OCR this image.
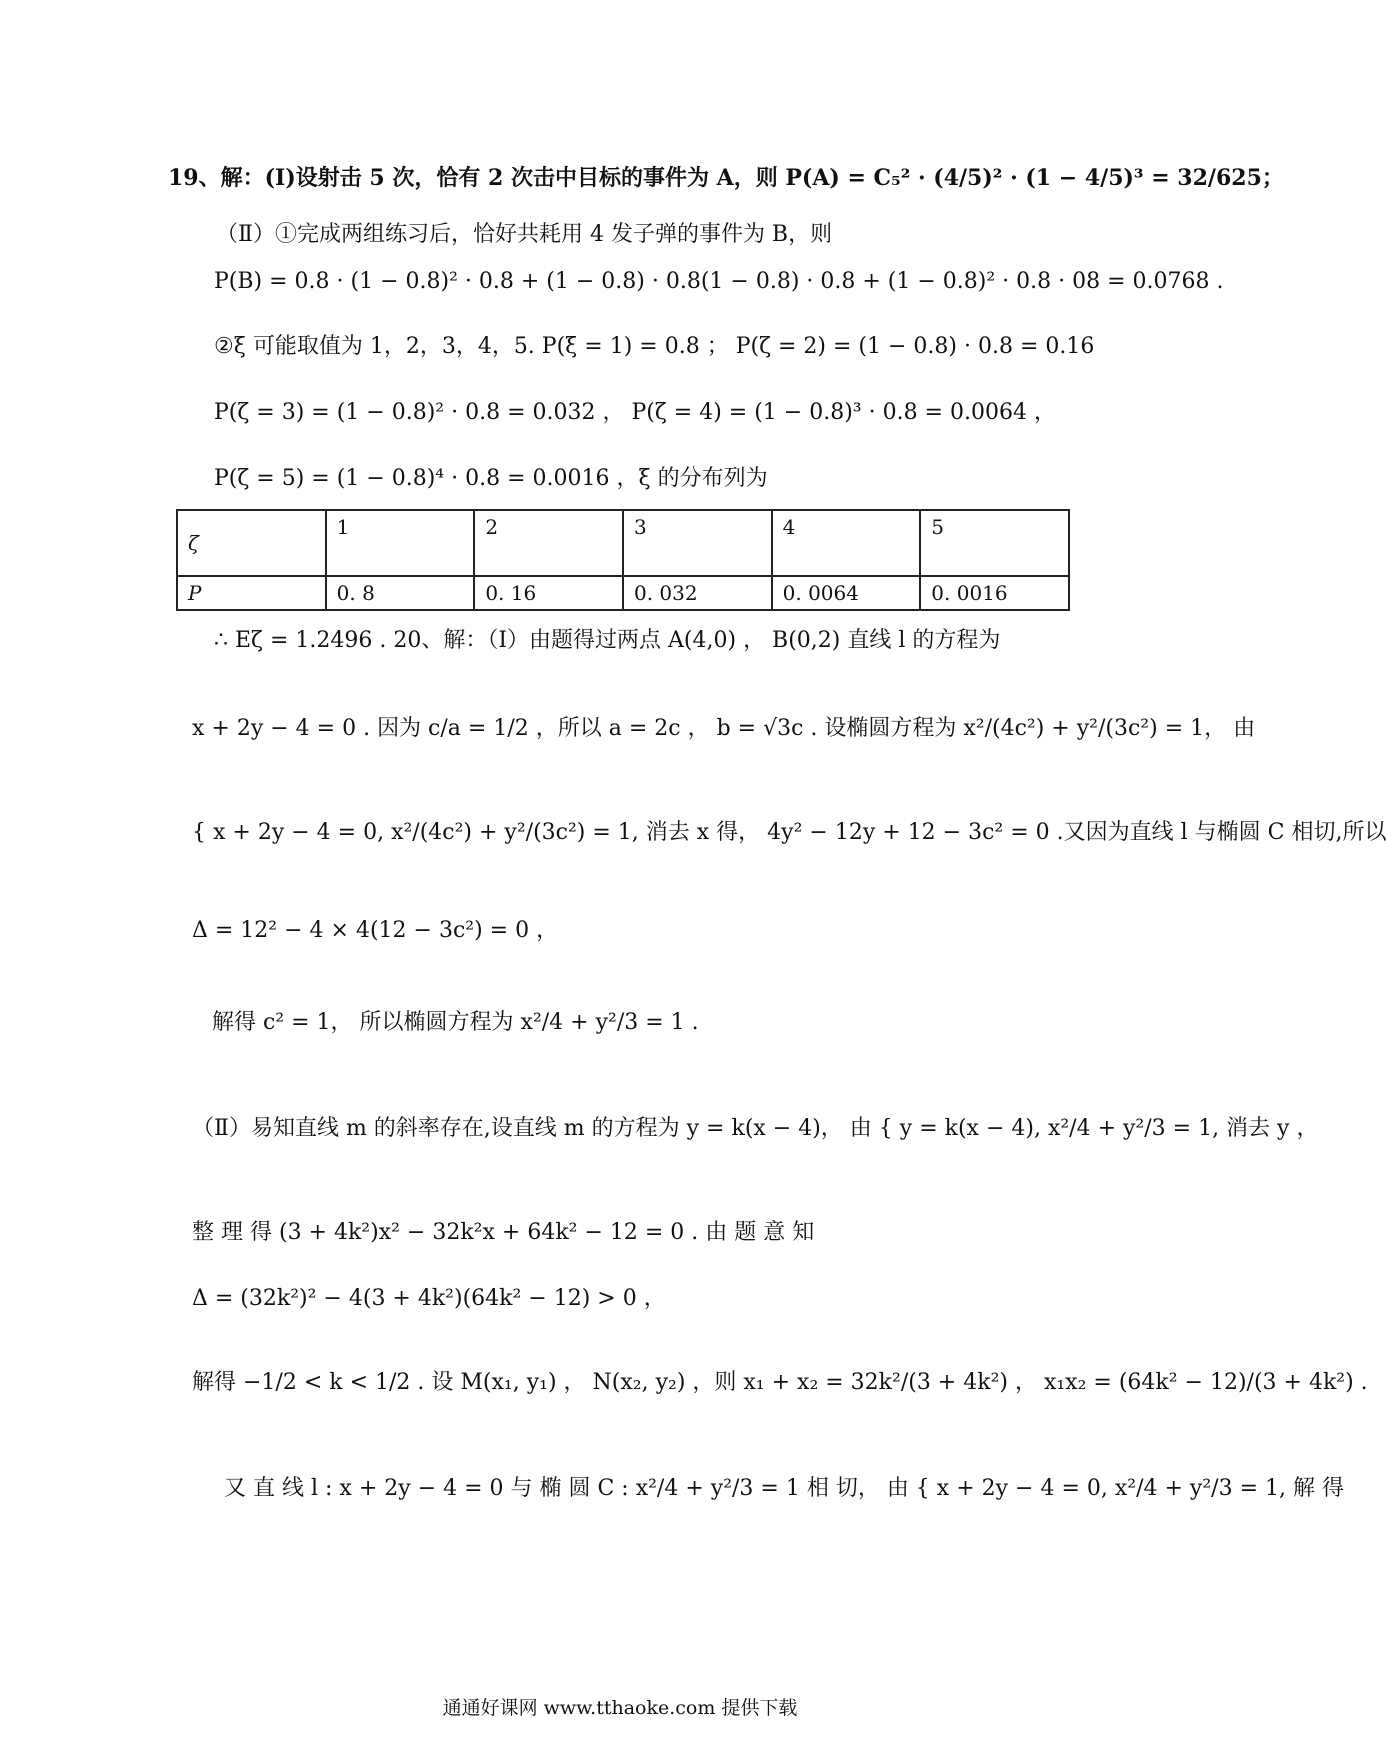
19、解：(Ⅰ)设射击 5 次，恰有 2 次击中目标的事件为 A，则 P(A) = C₅² · (4/5)² · (1 − 4/5)³ = 32/625；
（Ⅱ）①完成两组练习后，恰好共耗用 4 发子弹的事件为 B，则
P(B) = 0.8 · (1 − 0.8)² · 0.8 + (1 − 0.8) · 0.8(1 − 0.8) · 0.8 + (1 − 0.8)² · 0.8 · 08 = 0.0768 .
②ξ 可能取值为 1，2，3，4，5. P(ξ = 1) = 0.8 ； P(ζ = 2) = (1 − 0.8) · 0.8 = 0.16
P(ζ = 3) = (1 − 0.8)² · 0.8 = 0.032 ， P(ζ = 4) = (1 − 0.8)³ · 0.8 = 0.0064 ，
P(ζ = 5) = (1 − 0.8)⁴ · 0.8 = 0.0016 ，ξ 的分布列为
ζ	1	2	3	4	5
P	0. 8	0. 16	0. 032	0. 0064	0. 0016
∴ Eζ = 1.2496 . 20、解：（Ⅰ）由题得过两点 A(4,0) ， B(0,2) 直线 l 的方程为
x + 2y − 4 = 0 . 因为 c/a = 1/2 ，所以 a = 2c ， b = √3c . 设椭圆方程为 x²/(4c²) + y²/(3c²) = 1， 由
{ x + 2y − 4 = 0, x²/(4c²) + y²/(3c²) = 1, 消去 x 得， 4y² − 12y + 12 − 3c² = 0 .又因为直线 l 与椭圆 C 相切,所以
Δ = 12² − 4 × 4(12 − 3c²) = 0 ，
解得 c² = 1， 所以椭圆方程为 x²/4 + y²/3 = 1 .
（Ⅱ）易知直线 m 的斜率存在,设直线 m 的方程为 y = k(x − 4)， 由 { y = k(x − 4), x²/4 + y²/3 = 1, 消去 y ，
整 理 得 (3 + 4k²)x² − 32k²x + 64k² − 12 = 0 . 由 题 意 知
Δ = (32k²)² − 4(3 + 4k²)(64k² − 12) > 0 ，
解得 −1/2 < k < 1/2 . 设 M(x₁, y₁) ， N(x₂, y₂) ，则 x₁ + x₂ = 32k²/(3 + 4k²) ， x₁x₂ = (64k² − 12)/(3 + 4k²) .
又 直 线 l : x + 2y − 4 = 0 与 椭 圆 C : x²/4 + y²/3 = 1 相 切， 由 { x + 2y − 4 = 0, x²/4 + y²/3 = 1, 解 得
通通好课网 www.tthaoke.com 提供下载
